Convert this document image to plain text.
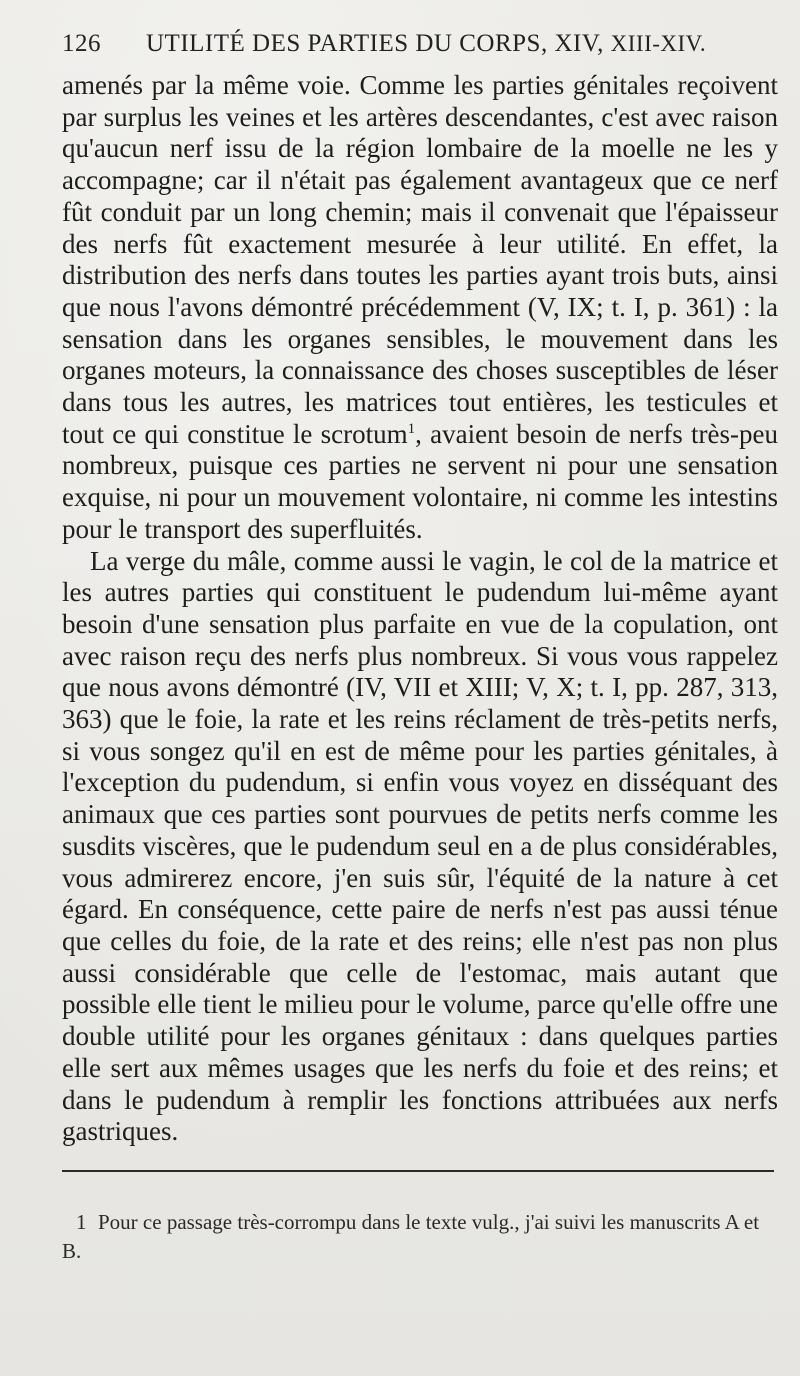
126 UTILITÉ DES PARTIES DU CORPS, XIV, XIII-XIV.

amenés par la même voie. Comme les parties génitales reçoivent par surplus les veines et les artères descendantes, c'est avec raison qu'aucun nerf issu de la région lombaire de la moelle ne les y accompagne; car il n'était pas également avantageux que ce nerf fût conduit par un long chemin; mais il convenait que l'épaisseur des nerfs fût exactement mesurée à leur utilité. En effet, la distribution des nerfs dans toutes les parties ayant trois buts, ainsi que nous l'avons démontré précédemment (V, IX; t. I, p. 361) : la sensation dans les organes sensibles, le mouvement dans les organes moteurs, la connaissance des choses susceptibles de léser dans tous les autres, les matrices tout entières, les testicules et tout ce qui constitue le scrotum$^1$, avaient besoin de nerfs très-peu nombreux, puisque ces parties ne servent ni pour une sensation exquise, ni pour un mouvement volontaire, ni comme les intestins pour le transport des superfluités.

La verge du mâle, comme aussi le vagin, le col de la matrice et les autres parties qui constituent le pudendum lui-même ayant besoin d'une sensation plus parfaite en vue de la copulation, ont avec raison reçu des nerfs plus nombreux. Si vous vous rappelez que nous avons démontré (IV, VII et XIII; V, X; t. I, pp. 287, 313, 363) que le foie, la rate et les reins réclament de très-petits nerfs, si vous songez qu'il en est de même pour les parties génitales, à l'exception du pudendum, si enfin vous voyez en disséquant des animaux que ces parties sont pourvues de petits nerfs comme les susdits viscères, que le pudendum seul en a de plus considérables, vous admirerez encore, j'en suis sûr, l'équité de la nature à cet égard. En conséquence, cette paire de nerfs n'est pas aussi ténue que celles du foie, de la rate et des reins; elle n'est pas non plus aussi considérable que celle de l'estomac, mais autant que possible elle tient le milieu pour le volume, parce qu'elle offre une double utilité pour les organes génitaux : dans quelques parties elle sert aux mêmes usages que les nerfs du foie et des reins; et dans le pudendum à remplir les fonctions attribuées aux nerfs gastriques.

1 Pour ce passage très-corrompu dans le texte vulg., j'ai suivi les manuscrits A et B.
